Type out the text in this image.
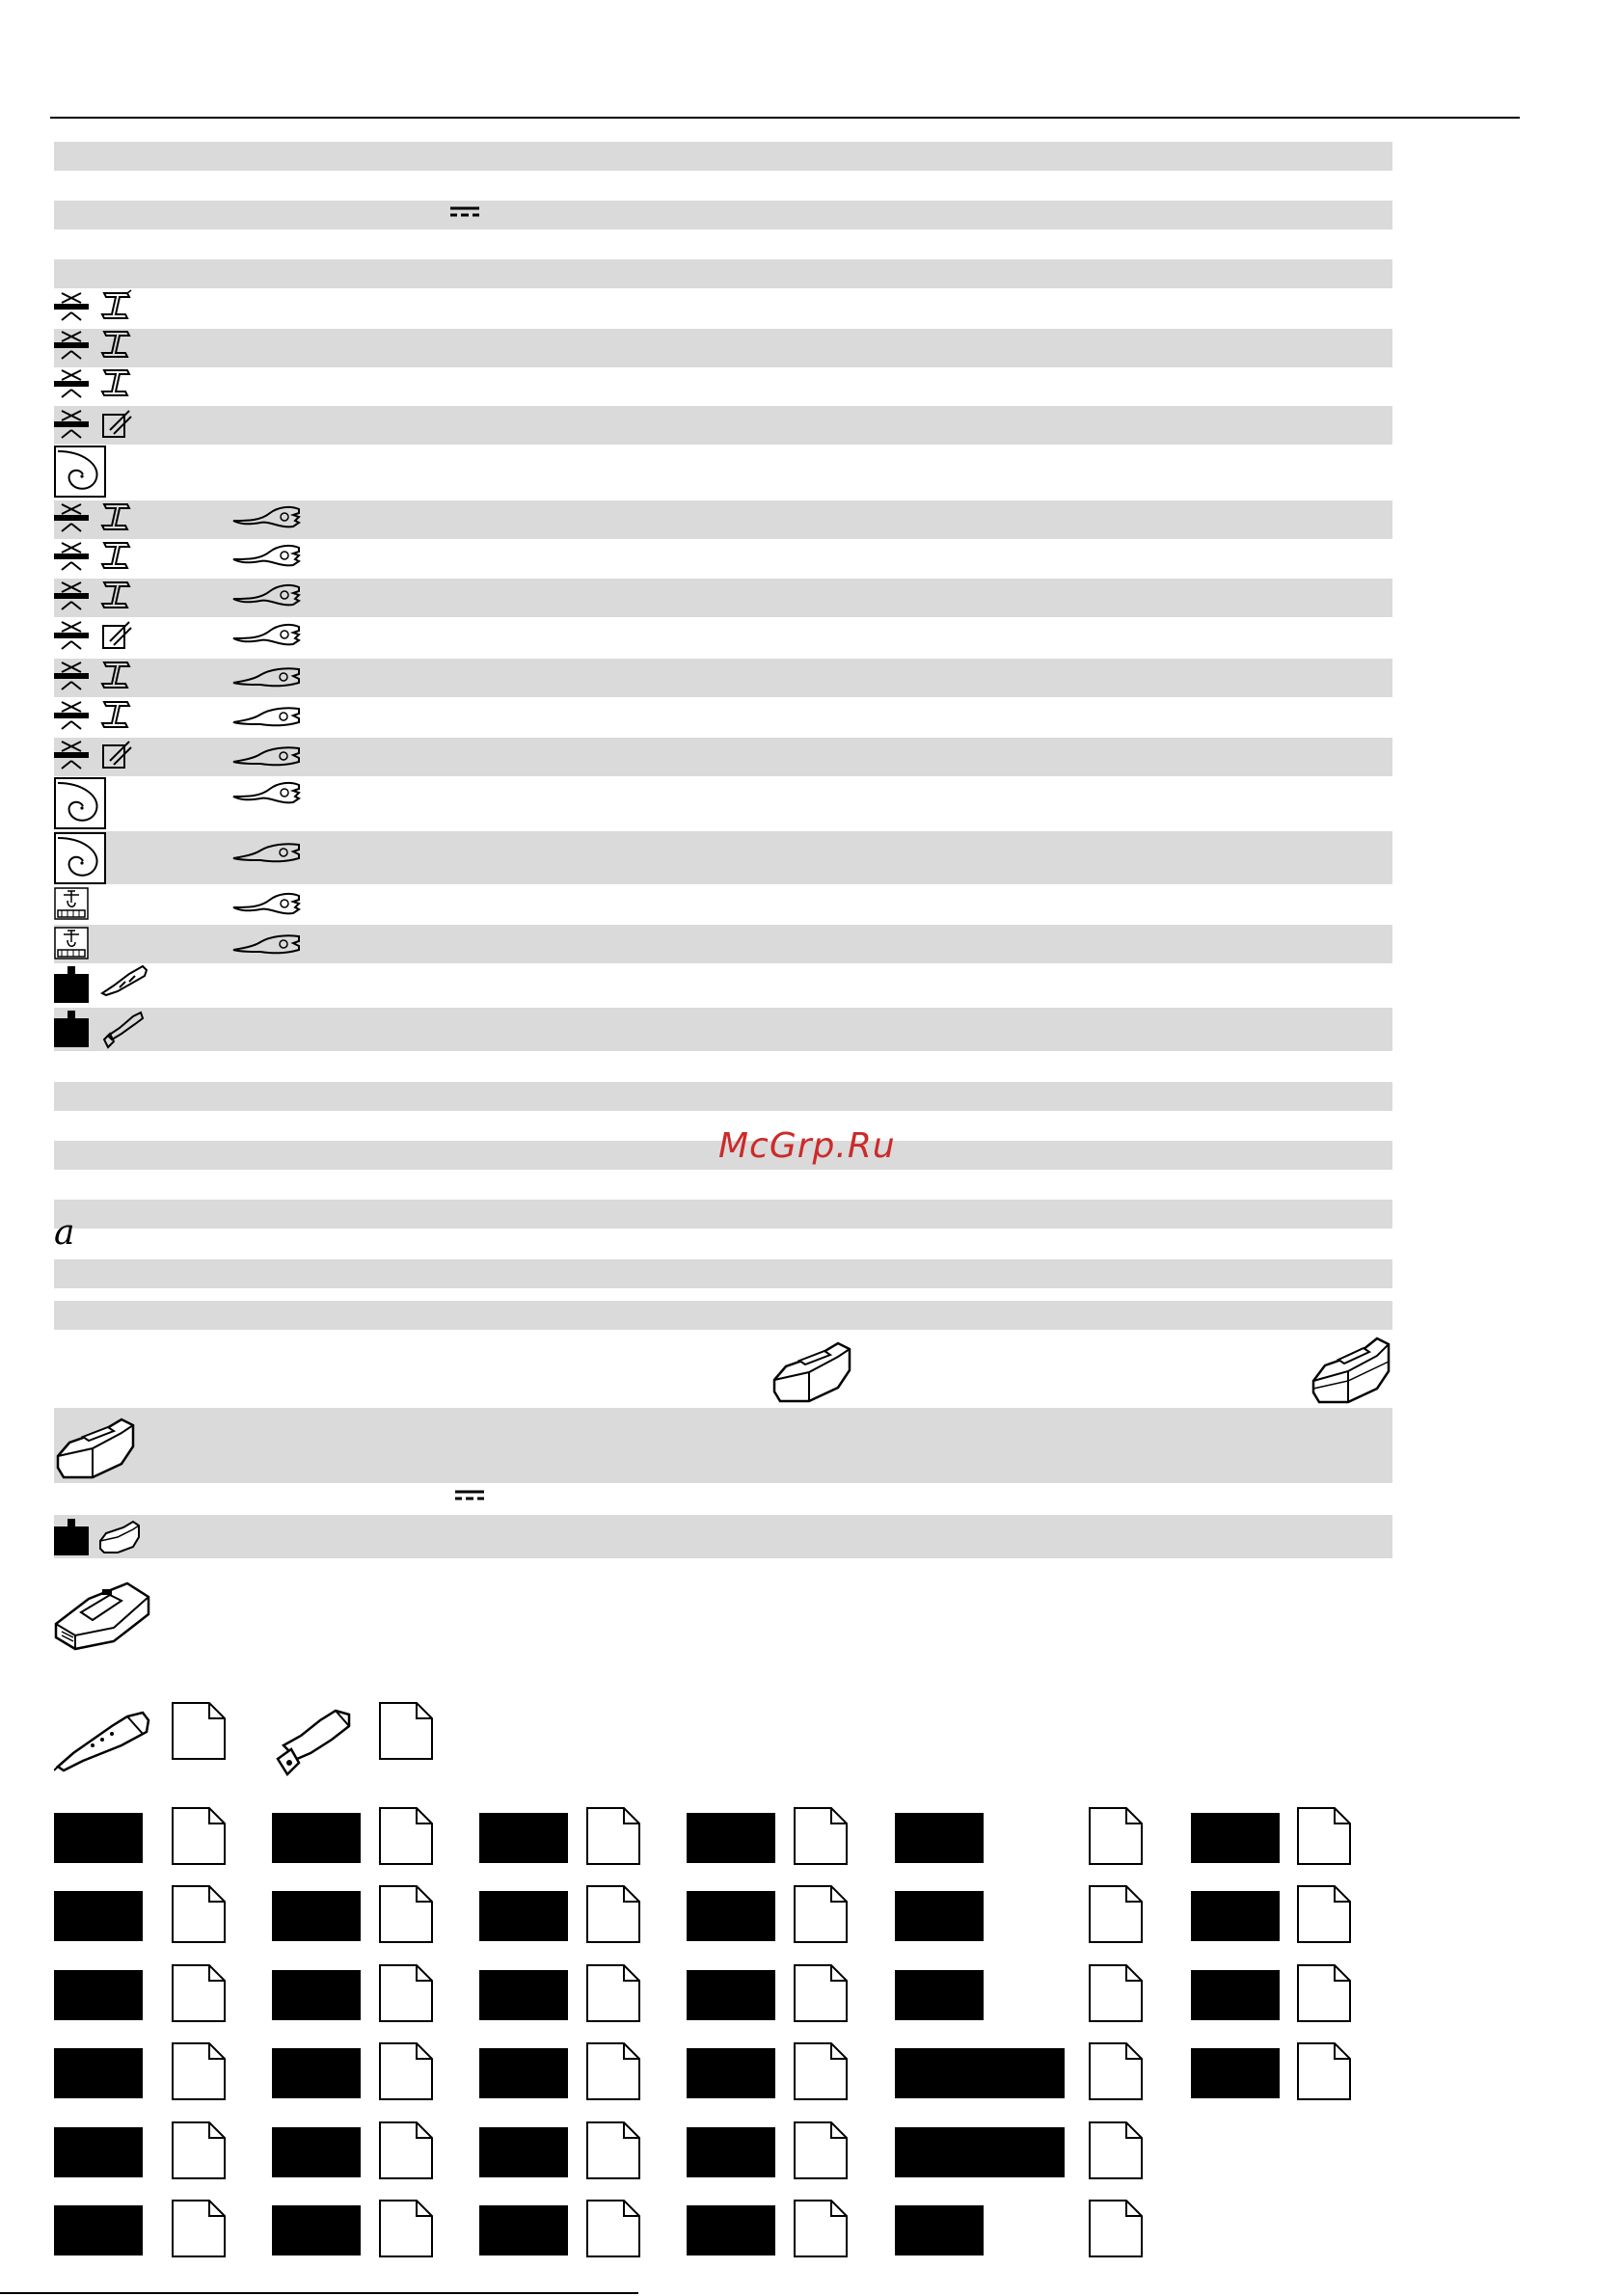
McGrp.Ru
a
